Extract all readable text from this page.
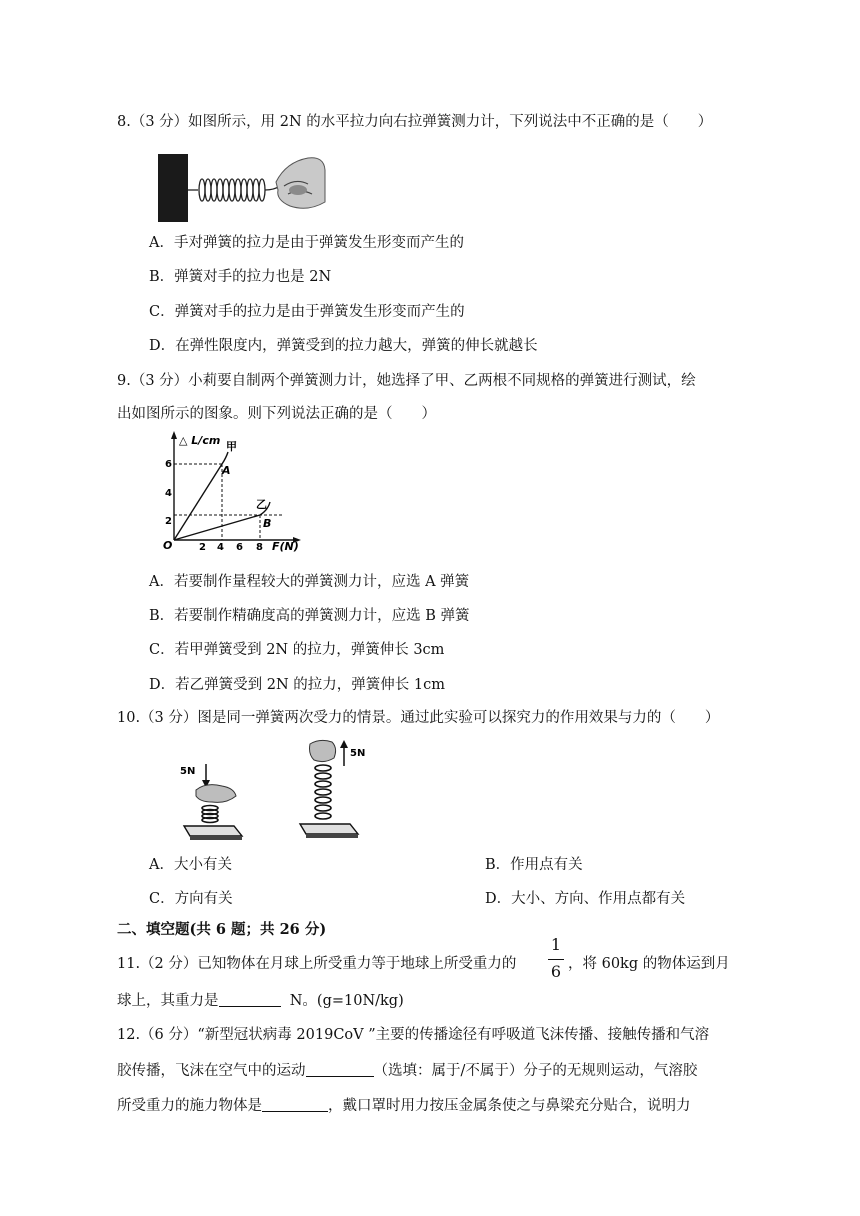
8.（3 分）如图所示，用 2N 的水平拉力向右拉弹簧测力计，下列说法中不正确的是（　　）
A．手对弹簧的拉力是由于弹簧发生形变而产生的
B．弹簧对手的拉力也是 2N
C．弹簧对手的拉力是由于弹簧发生形变而产生的
D．在弹性限度内，弹簧受到的拉力越大，弹簧的伸长就越长
9.（3 分）小莉要自制两个弹簧测力计，她选择了甲、乙两根不同规格的弹簧进行测试，绘
出如图所示的图象。则下列说法正确的是（　　）
△ L/cm
F(N)
O
6
4
2
2 4 6 8
甲
A
乙
B
A．若要制作量程较大的弹簧测力计，应选 A 弹簧
B．若要制作精确度高的弹簧测力计，应选 B 弹簧
C．若甲弹簧受到 2N 的拉力，弹簧伸长 3cm
D．若乙弹簧受到 2N 的拉力，弹簧伸长 1cm
10.（3 分）图是同一弹簧两次受力的情景。通过此实验可以探究力的作用效果与力的（　　）
5N
5N
A．大小有关	B．作用点有关
C．方向有关	D．大小、方向、作用点都有关
二、填空题(共 6 题；共 26 分)
11.（2 分）已知物体在月球上所受重力等于地球上所受重力的
1
6 ，将 60kg 的物体运到月
球上，其重力是	N。(g=10N/kg)
12.（6 分）“新型冠状病毒 2019CoV ”主要的传播途径有呼吸道飞沫传播、接触传播和气溶
胶传播，飞沫在空气中的运动	（选填：属于/不属于）分子的无规则运动，气溶胶
所受重力的施力物体是	，戴口罩时用力按压金属条使之与鼻梁充分贴合，说明力
